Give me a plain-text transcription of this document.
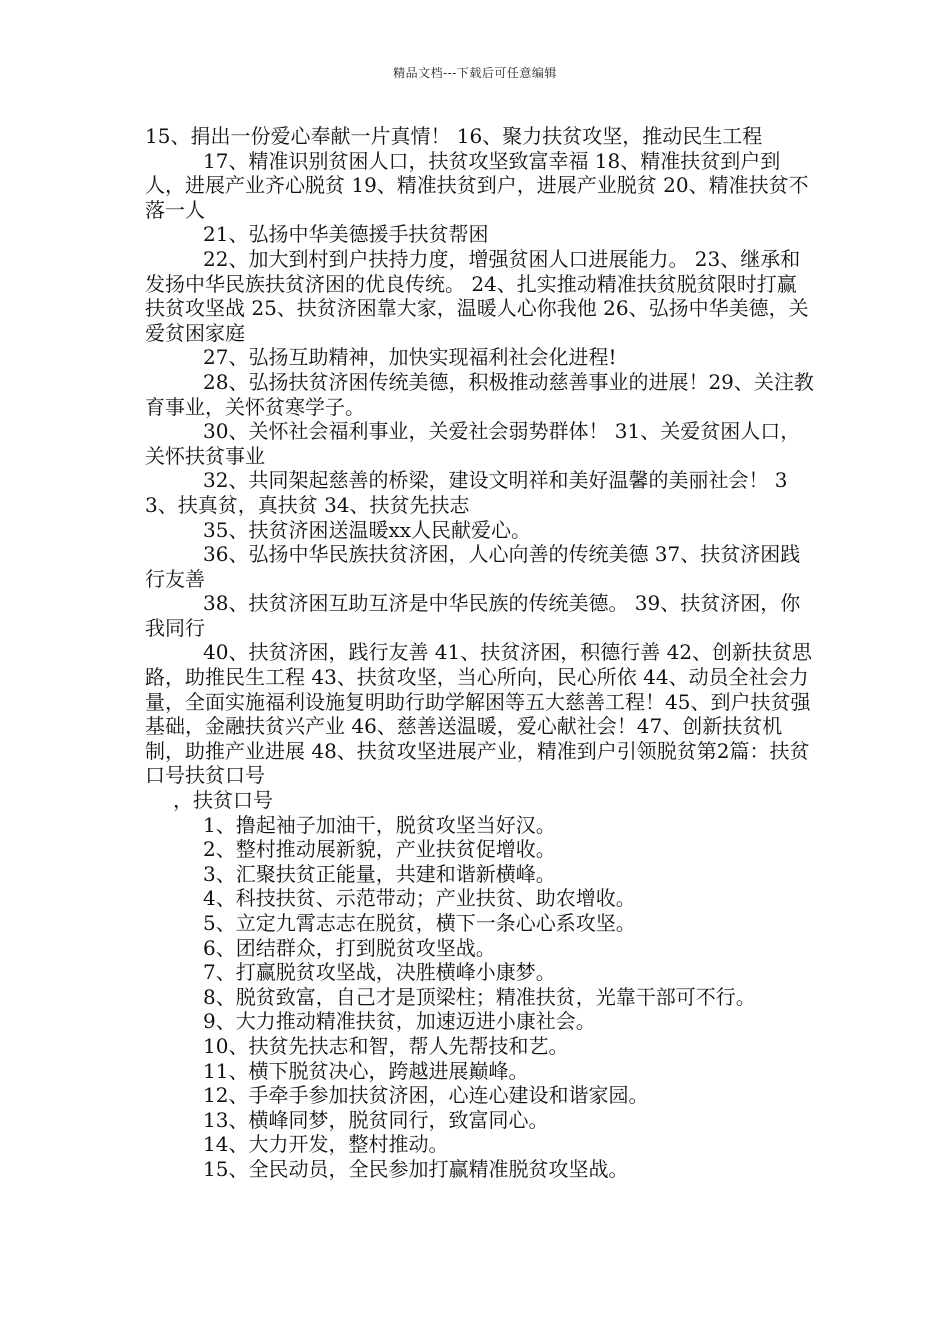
精品文档---下载后可任意编辑

15、捐出一份爱心奉献一片真情！ 16、聚力扶贫攻坚，推动民生工程

17、精准识别贫困人口，扶贫攻坚致富幸福 18、精准扶贫到户到人，进展产业齐心脱贫 19、精准扶贫到户，进展产业脱贫 20、精准扶贫不落一人

21、弘扬中华美德援手扶贫帮困

22、加大到村到户扶持力度，增强贫困人口进展能力。 23、继承和发扬中华民族扶贫济困的优良传统。 24、扎实推动精准扶贫脱贫限时打赢扶贫攻坚战 25、扶贫济困靠大家，温暖人心你我他 26、弘扬中华美德，关爱贫困家庭

27、弘扬互助精神，加快实现福利社会化进程!

28、弘扬扶贫济困传统美德，积极推动慈善事业的进展！29、关注教育事业，关怀贫寒学子。

30、关怀社会福利事业，关爱社会弱势群体！ 31、关爱贫困人口，关怀扶贫事业

32、共同架起慈善的桥梁，建设文明祥和美好温馨的美丽社会！ 33、扶真贫，真扶贫 34、扶贫先扶志

35、扶贫济困送温暖xx人民献爱心。

36、弘扬中华民族扶贫济困，人心向善的传统美德 37、扶贫济困践行友善

38、扶贫济困互助互济是中华民族的传统美德。 39、扶贫济困，你我同行

40、扶贫济困，践行友善 41、扶贫济困，积德行善 42、创新扶贫思路，助推民生工程 43、扶贫攻坚，当心所向，民心所依 44、动员全社会力量，全面实施福利设施复明助行助学解困等五大慈善工程！45、到户扶贫强基础，金融扶贫兴产业 46、慈善送温暖，爱心献社会！47、创新扶贫机制，助推产业进展 48、扶贫攻坚进展产业，精准到户引领脱贫第2篇：扶贫口号扶贫口号

，扶贫口号

1、撸起袖子加油干，脱贫攻坚当好汉。

2、整村推动展新貌，产业扶贫促增收。

3、汇聚扶贫正能量，共建和谐新横峰。

4、科技扶贫、示范带动；产业扶贫、助农增收。

5、立定九霄志志在脱贫，横下一条心心系攻坚。

6、团结群众，打到脱贫攻坚战。

7、打赢脱贫攻坚战，决胜横峰小康梦。

8、脱贫致富，自己才是顶梁柱；精准扶贫，光靠干部可不行。

9、大力推动精准扶贫，加速迈进小康社会。

10、扶贫先扶志和智，帮人先帮技和艺。

11、横下脱贫决心，跨越进展巅峰。

12、手牵手参加扶贫济困，心连心建设和谐家园。

13、横峰同梦，脱贫同行，致富同心。

14、大力开发，整村推动。

15、全民动员，全民参加打赢精准脱贫攻坚战。
